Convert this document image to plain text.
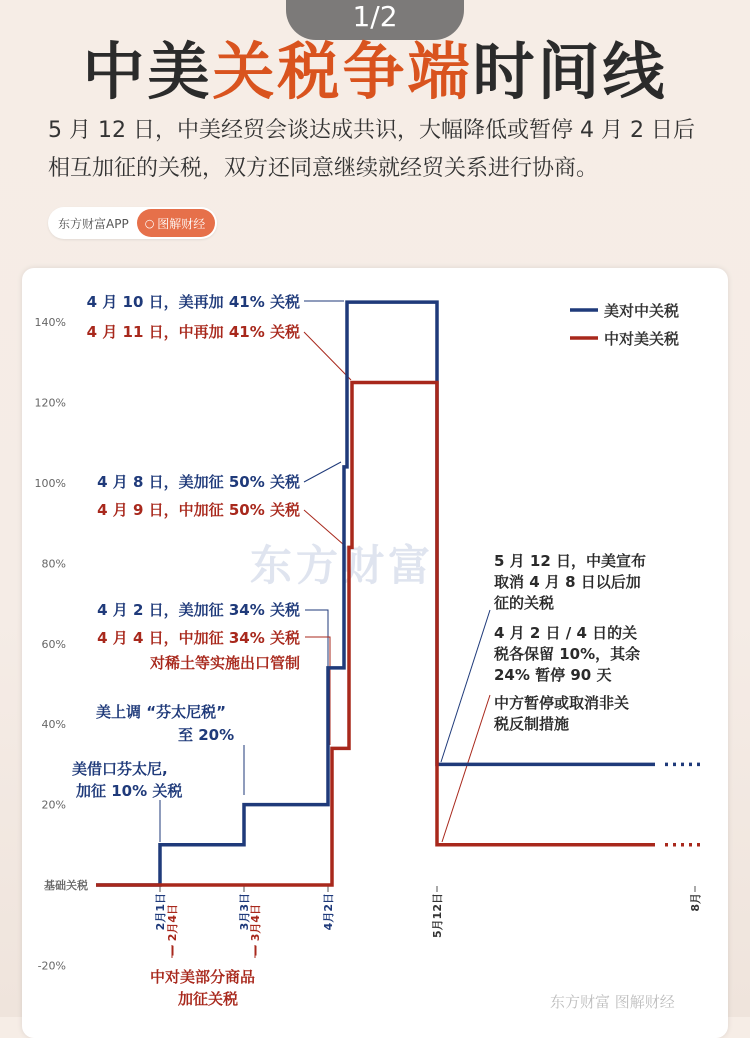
1/2
中美关税争端时间线
5 月 12 日，中美经贸会谈达成共识，大幅降低或暂停 4 月 2 日后相互加征的关税，双方还同意继续就经贸关系进行协商。
东方财富APP	○ 图解财经
东方财富
140%
120%
100%
80%
60%
40%
20%
基础关税
-20%
2月1日 — 2月4日	3月3日
— 3月4日	4月2日	5月12日	8月
美对中关税
中对美关税
4 月 10 日，美再加 41% 关税
4 月 11 日，中再加 41% 关税
4 月 8 日，美加征 50% 关税
4 月 9 日，中加征 50% 关税
4 月 2 日，美加征 34% 关税
4 月 4 日，中加征 34% 关税
对稀土等实施出口管制
美上调 “芬太尼税”
至 20%
美借口芬太尼,
加征 10% 关税
中对美部分商品
加征关税
5 月 12 日，中美宣布
取消 4 月 8 日以后加
征的关税
4 月 2 日 / 4 日的关
税各保留 10%，其余
24% 暂停 90 天
中方暂停或取消非关
税反制措施
东方财富 图解财经
